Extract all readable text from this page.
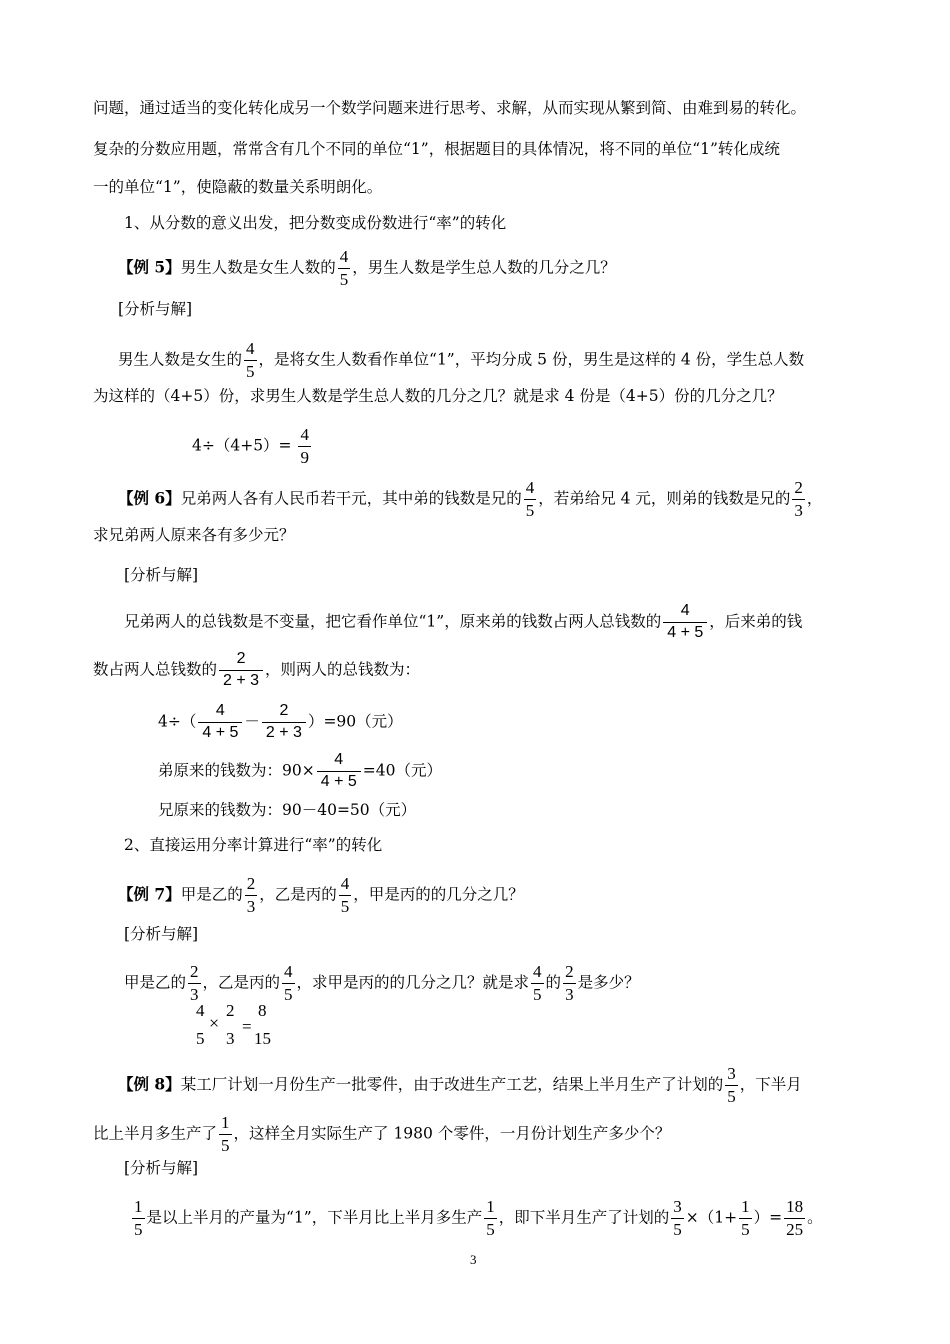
问题，通过适当的变化转化成另一个数学问题来进行思考、求解，从而实现从繁到简、由难到易的转化。
复杂的分数应用题，常常含有几个不同的单位“1”，根据题目的具体情况，将不同的单位“1”转化成统
一的单位“1”，使隐蔽的数量关系明朗化。
1、从分数的意义出发，把分数变成份数进行“率”的转化
【例 5】男生人数是女生人数的 $\frac{4}{5}$ ，男生人数是学生总人数的几分之几？
[分析与解]
男生人数是女生的 $\frac{4}{5}$ ，是将女生人数看作单位“1”，平均分成 5 份，男生是这样的 4 份，学生总人数
为这样的（4+5）份，求男生人数是学生总人数的几分之几？就是求 4 份是（4+5）份的几分之几？
$4\div(4+5)= \frac{4}{9}$
【例 6】兄弟两人各有人民币若干元，其中弟的钱数是兄的 $\frac{4}{5}$ ，若弟给兄 4 元，则弟的钱数是兄的 $\frac{2}{3}$ ，
求兄弟两人原来各有多少元？
[分析与解]
兄弟两人的总钱数是不变量，把它看作单位“1”，原来弟的钱数占两人总钱数的 $\frac{4}{4 + 5}$ ，后来弟的钱
数占两人总钱数的 $\frac{2}{2 + 3}$ ，则两人的总钱数为：
$4\div( \frac{4}{4 + 5} - \frac{2}{2 + 3} )=90$（元）
弟原来的钱数为：$90\times \frac{4}{4 + 5} =40$（元）
兄原来的钱数为：90－40=50（元）
2、直接运用分率计算进行“率”的转化
【例 7】甲是乙的 $\frac{2}{3}$ ，乙是丙的 $\frac{4}{5}$ ，甲是丙的的几分之几？
[分析与解]
甲是乙的 $\frac{2}{3}$ ，乙是丙的 $\frac{4}{5}$ ，求甲是丙的的几分之几？就是求 $\frac{4}{5}$ 的 $\frac{2}{3}$ 是多少？
4 2 8
× =
5 3 15
【例 8】某工厂计划一月份生产一批零件，由于改进生产工艺，结果上半月生产了计划的 $\frac{3}{5}$ ，下半月
比上半月多生产了 $\frac{1}{5}$ ，这样全月实际生产了 1980 个零件，一月份计划生产多少个？
[分析与解]
$\frac{1}{5}$ 是以上半月的产量为“1”，下半月比上半月多生产 $\frac{1}{5}$ ，即下半月生产了计划的 $\frac{3}{5} \times(1+ \frac{1}{5}$ ）= $\frac{18}{25}$ 。
3
